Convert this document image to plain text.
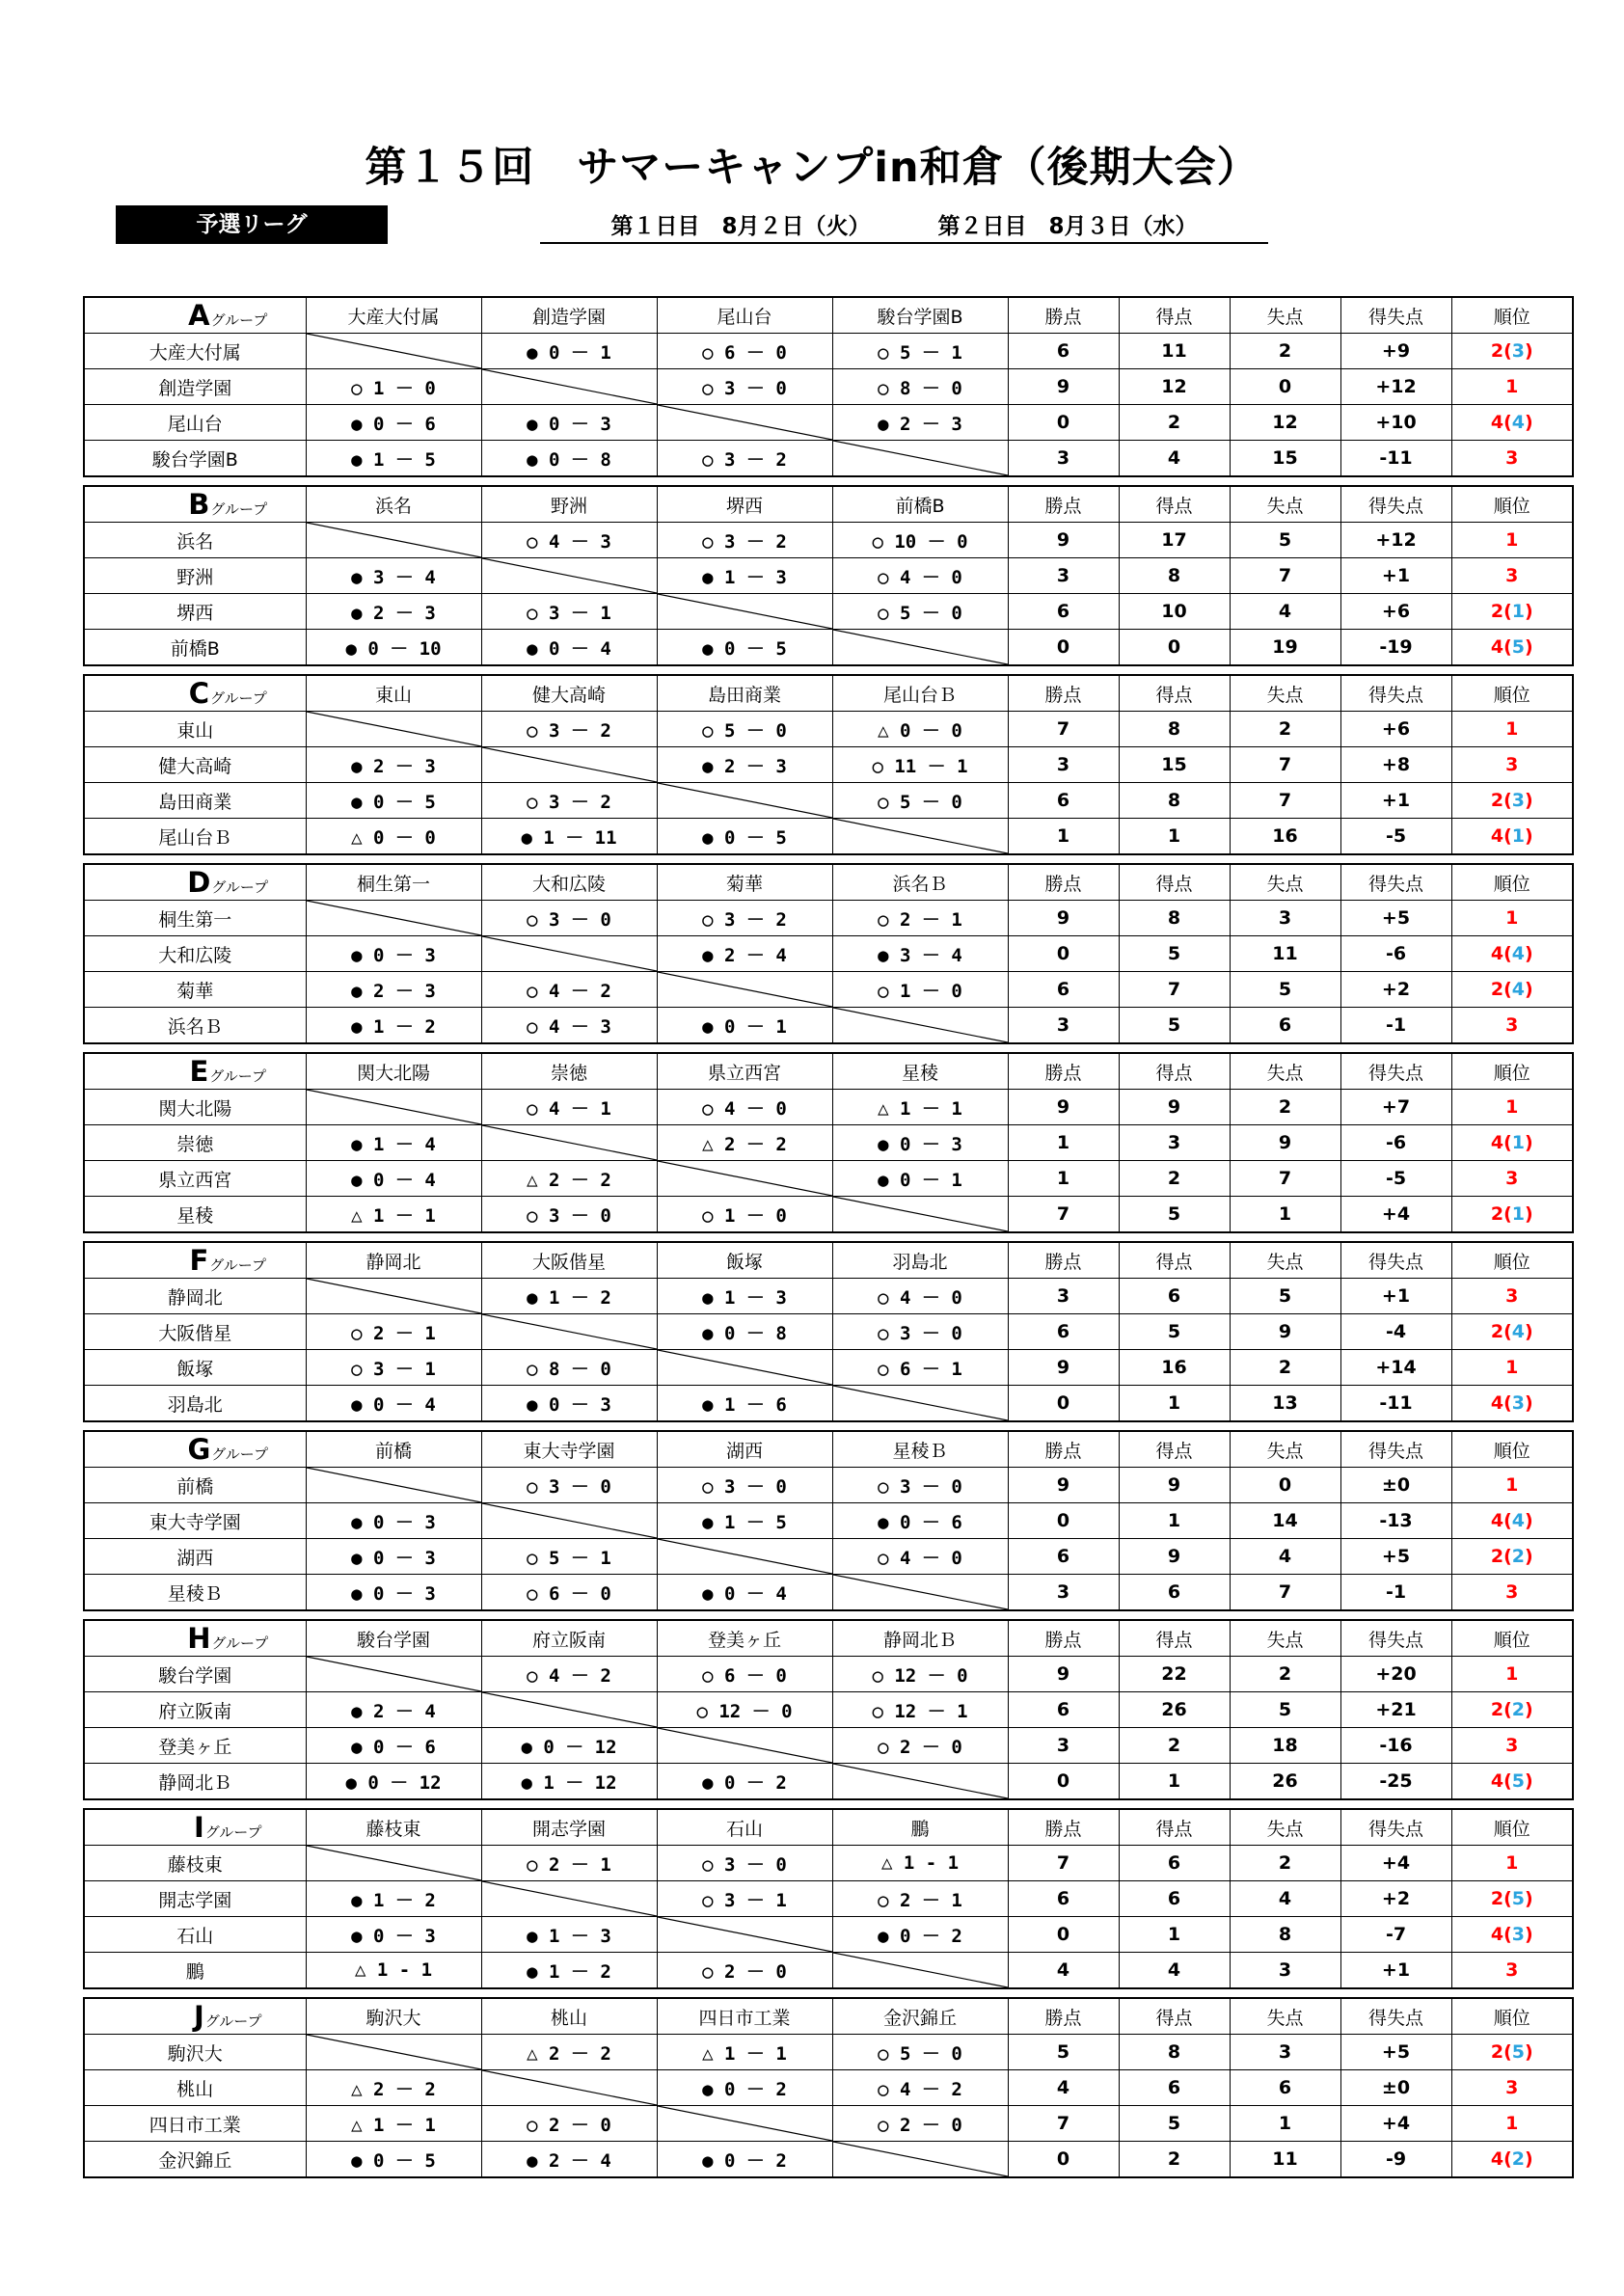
第１５回　サマーキャンプin和倉（後期大会）
予選リーグ	第１日目　8月２日（火）	第２日目　8月３日（水）
Aグループ	大産大付属	創造学園	尾山台	駿台学園B	勝点	得点	失点	得失点	順位
大産大付属		● 0 － 1	○ 6 － 0	○ 5 － 1	6	11	2	+9	2(3)
創造学園	○ 1 － 0		○ 3 － 0	○ 8 － 0	9	12	0	+12	1
尾山台	● 0 － 6	● 0 － 3		● 2 － 3	0	2	12	+10	4(4)
駿台学園B	● 1 － 5	● 0 － 8	○ 3 － 2		3	4	15	-11	3
Bグループ	浜名	野洲	堺西	前橋B	勝点	得点	失点	得失点	順位
浜名		○ 4 － 3	○ 3 － 2	○ 10 － 0	9	17	5	+12	1
野洲	● 3 － 4		● 1 － 3	○ 4 － 0	3	8	7	+1	3
堺西	● 2 － 3	○ 3 － 1		○ 5 － 0	6	10	4	+6	2(1)
前橋B	● 0 － 10	● 0 － 4	● 0 － 5		0	0	19	-19	4(5)
Cグループ	東山	健大高崎	島田商業	尾山台Ｂ	勝点	得点	失点	得失点	順位
東山		○ 3 － 2	○ 5 － 0	△ 0 － 0	7	8	2	+6	1
健大高崎	● 2 － 3		● 2 － 3	○ 11 － 1	3	15	7	+8	3
島田商業	● 0 － 5	○ 3 － 2		○ 5 － 0	6	8	7	+1	2(3)
尾山台Ｂ	△ 0 － 0	● 1 － 11	● 0 － 5		1	1	16	-5	4(1)
Dグループ	桐生第一	大和広陵	菊華	浜名Ｂ	勝点	得点	失点	得失点	順位
桐生第一		○ 3 － 0	○ 3 － 2	○ 2 － 1	9	8	3	+5	1
大和広陵	● 0 － 3		● 2 － 4	● 3 － 4	0	5	11	-6	4(4)
菊華	● 2 － 3	○ 4 － 2		○ 1 － 0	6	7	5	+2	2(4)
浜名Ｂ	● 1 － 2	○ 4 － 3	● 0 － 1		3	5	6	-1	3
Eグループ	関大北陽	崇徳	県立西宮	星稜	勝点	得点	失点	得失点	順位
関大北陽		○ 4 － 1	○ 4 － 0	△ 1 － 1	9	9	2	+7	1
崇徳	● 1 － 4		△ 2 － 2	● 0 － 3	1	3	9	-6	4(1)
県立西宮	● 0 － 4	△ 2 － 2		● 0 － 1	1	2	7	-5	3
星稜	△ 1 － 1	○ 3 － 0	○ 1 － 0		7	5	1	+4	2(1)
Fグループ	静岡北	大阪偕星	飯塚	羽島北	勝点	得点	失点	得失点	順位
静岡北		● 1 － 2	● 1 － 3	○ 4 － 0	3	6	5	+1	3
大阪偕星	○ 2 － 1		● 0 － 8	○ 3 － 0	6	5	9	-4	2(4)
飯塚	○ 3 － 1	○ 8 － 0		○ 6 － 1	9	16	2	+14	1
羽島北	● 0 － 4	● 0 － 3	● 1 － 6		0	1	13	-11	4(3)
Gグループ	前橋	東大寺学園	湖西	星稜Ｂ	勝点	得点	失点	得失点	順位
前橋		○ 3 － 0	○ 3 － 0	○ 3 － 0	9	9	0	±0	1
東大寺学園	● 0 － 3		● 1 － 5	● 0 － 6	0	1	14	-13	4(4)
湖西	● 0 － 3	○ 5 － 1		○ 4 － 0	6	9	4	+5	2(2)
星稜Ｂ	● 0 － 3	○ 6 － 0	● 0 － 4		3	6	7	-1	3
Hグループ	駿台学園	府立阪南	登美ヶ丘	静岡北Ｂ	勝点	得点	失点	得失点	順位
駿台学園		○ 4 － 2	○ 6 － 0	○ 12 － 0	9	22	2	+20	1
府立阪南	● 2 － 4		○ 12 － 0	○ 12 － 1	6	26	5	+21	2(2)
登美ヶ丘	● 0 － 6	● 0 － 12		○ 2 － 0	3	2	18	-16	3
静岡北Ｂ	● 0 － 12	● 1 － 12	● 0 － 2		0	1	26	-25	4(5)
Iグループ	藤枝東	開志学園	石山	鵬	勝点	得点	失点	得失点	順位
藤枝東		○ 2 － 1	○ 3 － 0	△ 1 - 1	7	6	2	+4	1
開志学園	● 1 － 2		○ 3 － 1	○ 2 － 1	6	6	4	+2	2(5)
石山	● 0 － 3	● 1 － 3		● 0 － 2	0	1	8	-7	4(3)
鵬	△ 1 - 1	● 1 － 2	○ 2 － 0		4	4	3	+1	3
Jグループ	駒沢大	桃山	四日市工業	金沢錦丘	勝点	得点	失点	得失点	順位
駒沢大		△ 2 － 2	△ 1 － 1	○ 5 － 0	5	8	3	+5	2(5)
桃山	△ 2 － 2		● 0 － 2	○ 4 － 2	4	6	6	±0	3
四日市工業	△ 1 － 1	○ 2 － 0		○ 2 － 0	7	5	1	+4	1
金沢錦丘	● 0 － 5	● 2 － 4	● 0 － 2		0	2	11	-9	4(2)
